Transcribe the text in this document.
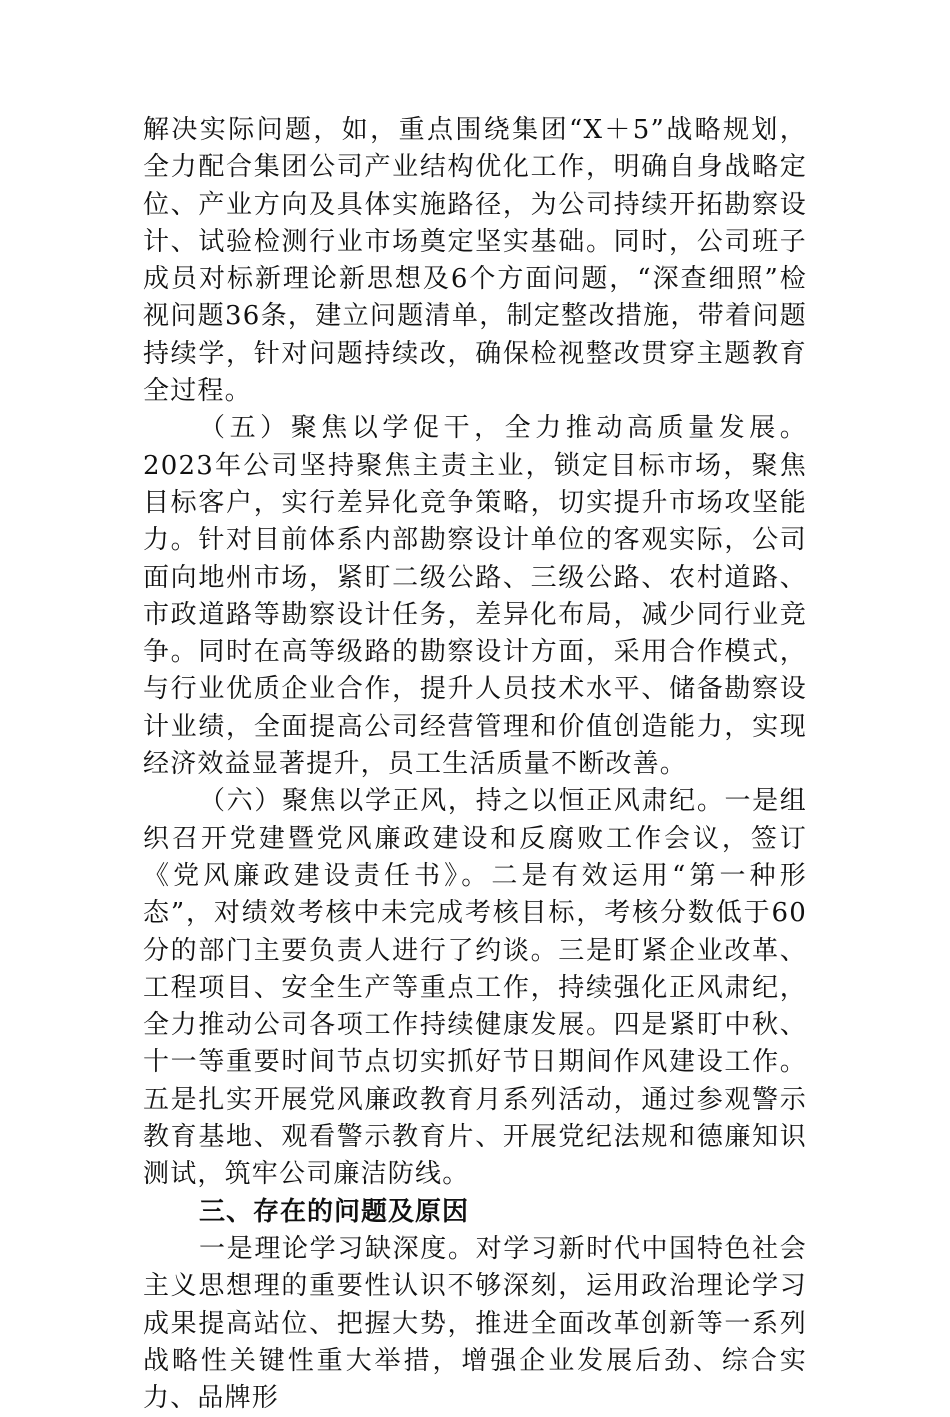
解决实际问题，如，重点围绕集团“X＋5”战略规划，全力配合集团公司产业结构优化工作，明确自身战略定位、产业方向及具体实施路径，为公司持续开拓勘察设计、试验检测行业市场奠定坚实基础。同时，公司班子成员对标新理论新思想及6个方面问题，“深查细照”检视问题36条，建立问题清单，制定整改措施，带着问题持续学，针对问题持续改，确保检视整改贯穿主题教育全过程。

（五）聚焦以学促干，全力推动高质量发展。2023年公司坚持聚焦主责主业，锁定目标市场，聚焦目标客户，实行差异化竞争策略，切实提升市场攻坚能力。针对目前体系内部勘察设计单位的客观实际，公司面向地州市场，紧盯二级公路、三级公路、农村道路、市政道路等勘察设计任务，差异化布局，减少同行业竞争。同时在高等级路的勘察设计方面，采用合作模式，与行业优质企业合作，提升人员技术水平、储备勘察设计业绩，全面提高公司经营管理和价值创造能力，实现经济效益显著提升，员工生活质量不断改善。

（六）聚焦以学正风，持之以恒正风肃纪。一是组织召开党建暨党风廉政建设和反腐败工作会议，签订《党风廉政建设责任书》。二是有效运用“第一种形态”，对绩效考核中未完成考核目标，考核分数低于60分的部门主要负责人进行了约谈。三是盯紧企业改革、工程项目、安全生产等重点工作，持续强化正风肃纪，全力推动公司各项工作持续健康发展。四是紧盯中秋、十一等重要时间节点切实抓好节日期间作风建设工作。五是扎实开展党风廉政教育月系列活动，通过参观警示教育基地、观看警示教育片、开展党纪法规和德廉知识测试，筑牢公司廉洁防线。

三、存在的问题及原因

一是理论学习缺深度。对学习新时代中国特色社会主义思想理的重要性认识不够深刻，运用政治理论学习成果提高站位、把握大势，推进全面改革创新等一系列战略性关键性重大举措，增强企业发展后劲、综合实力、品牌形
